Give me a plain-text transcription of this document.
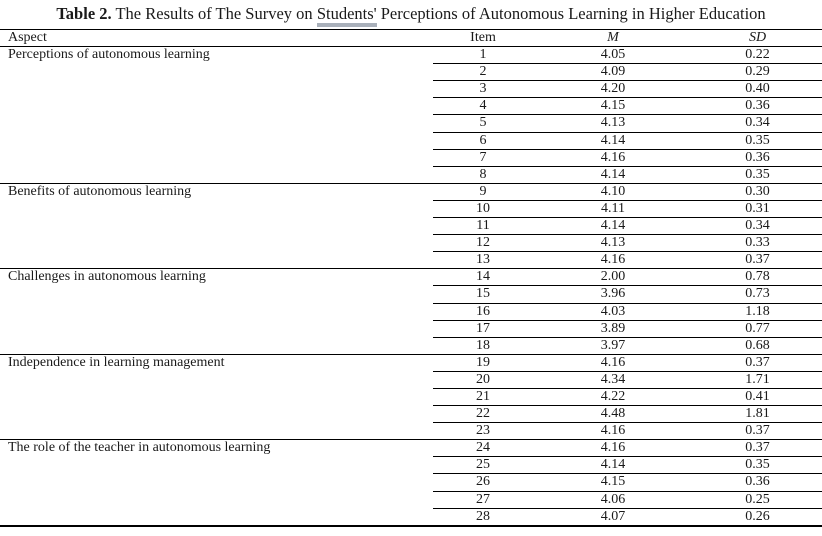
Table 2. The Results of The Survey on Students' Perceptions of Autonomous Learning in Higher Education
Aspect	Item	M	SD
Perceptions of autonomous learning	1	4.05	0.22
	2	4.09	0.29
	3	4.20	0.40
	4	4.15	0.36
	5	4.13	0.34
	6	4.14	0.35
	7	4.16	0.36
	8	4.14	0.35
Benefits of autonomous learning	9	4.10	0.30
	10	4.11	0.31
	11	4.14	0.34
	12	4.13	0.33
	13	4.16	0.37
Challenges in autonomous learning	14	2.00	0.78
	15	3.96	0.73
	16	4.03	1.18
	17	3.89	0.77
	18	3.97	0.68
Independence in learning management	19	4.16	0.37
	20	4.34	1.71
	21	4.22	0.41
	22	4.48	1.81
	23	4.16	0.37
The role of the teacher in autonomous learning	24	4.16	0.37
	25	4.14	0.35
	26	4.15	0.36
	27	4.06	0.25
	28	4.07	0.26
